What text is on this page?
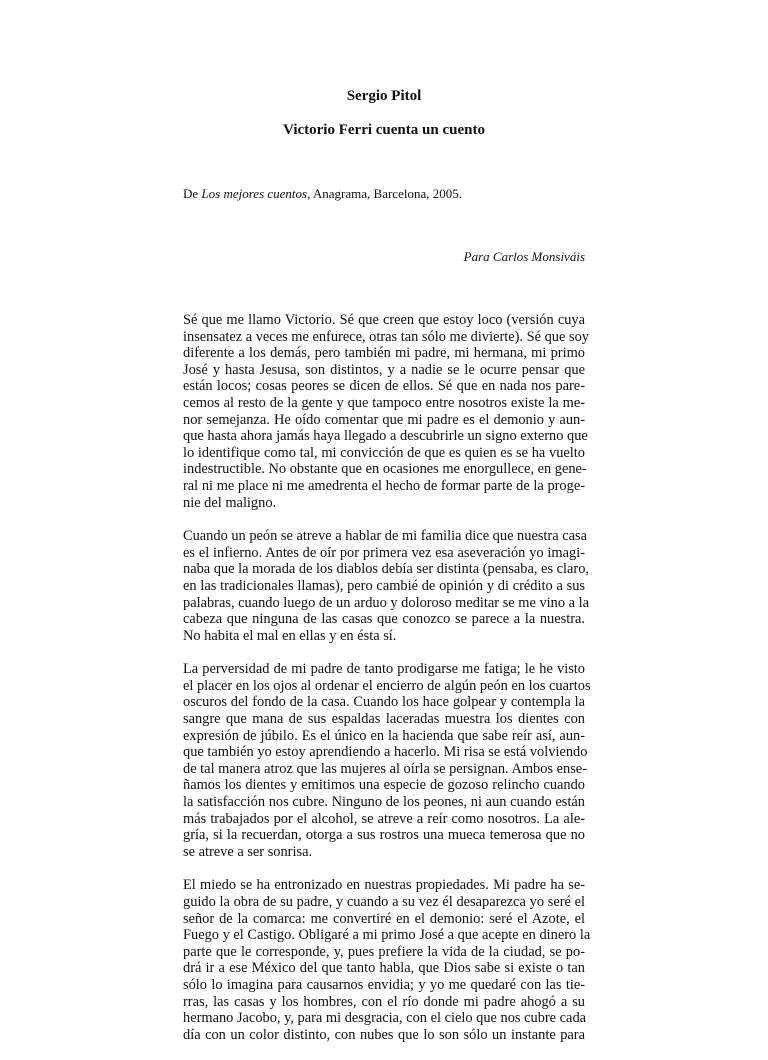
Sergio Pitol
Victorio Ferri cuenta un cuento
De Los mejores cuentos, Anagrama, Barcelona, 2005.
Para Carlos Monsiváis
Sé que me llamo Victorio. Sé que creen que estoy loco (versión cuya
insensatez a veces me enfurece, otras tan sólo me divierte). Sé que soy
diferente a los demás, pero también mi padre, mi hermana, mi primo
José y hasta Jesusa, son distintos, y a nadie se le ocurre pensar que
están locos; cosas peores se dicen de ellos. Sé que en nada nos pare-
cemos al resto de la gente y que tampoco entre nosotros existe la me-
nor semejanza. He oído comentar que mi padre es el demonio y aun-
que hasta ahora jamás haya llegado a descubrirle un signo externo que
lo identifique como tal, mi convicción de que es quien es se ha vuelto
indestructible. No obstante que en ocasiones me enorgullece, en gene-
ral ni me place ni me amedrenta el hecho de formar parte de la proge-
nie del maligno.
Cuando un peón se atreve a hablar de mi familia dice que nuestra casa
es el infierno. Antes de oír por primera vez esa aseveración yo imagi-
naba que la morada de los diablos debía ser distinta (pensaba, es claro,
en las tradicionales llamas), pero cambié de opinión y di crédito a sus
palabras, cuando luego de un arduo y doloroso meditar se me vino a la
cabeza que ninguna de las casas que conozco se parece a la nuestra.
No habita el mal en ellas y en ésta sí.
La perversidad de mi padre de tanto prodigarse me fatiga; le he visto
el placer en los ojos al ordenar el encierro de algún peón en los cuartos
oscuros del fondo de la casa. Cuando los hace golpear y contempla la
sangre que mana de sus espaldas laceradas muestra los dientes con
expresión de júbilo. Es el único en la hacienda que sabe reír así, aun-
que también yo estoy aprendiendo a hacerlo. Mi risa se está volviendo
de tal manera atroz que las mujeres al oírla se persignan. Ambos ense-
ñamos los dientes y emitimos una especie de gozoso relincho cuando
la satisfacción nos cubre. Ninguno de los peones, ni aun cuando están
más trabajados por el alcohol, se atreve a reír como nosotros. La ale-
gría, si la recuerdan, otorga a sus rostros una mueca temerosa que no
se atreve a ser sonrisa.
El miedo se ha entronizado en nuestras propiedades. Mi padre ha se-
guido la obra de su padre, y cuando a su vez él desaparezca yo seré el
señor de la comarca: me convertiré en el demonio: seré el Azote, el
Fuego y el Castigo. Obligaré a mi primo José a que acepte en dinero la
parte que le corresponde, y, pues prefiere la vida de la ciudad, se po-
drá ir a ese México del que tanto habla, que Dios sabe si existe o tan
sólo lo imagina para causarnos envidia; y yo me quedaré con las tie-
rras, las casas y los hombres, con el río donde mi padre ahogó a su
hermano Jacobo, y, para mi desgracia, con el cielo que nos cubre cada
día con un color distinto, con nubes que lo son sólo un instante para
